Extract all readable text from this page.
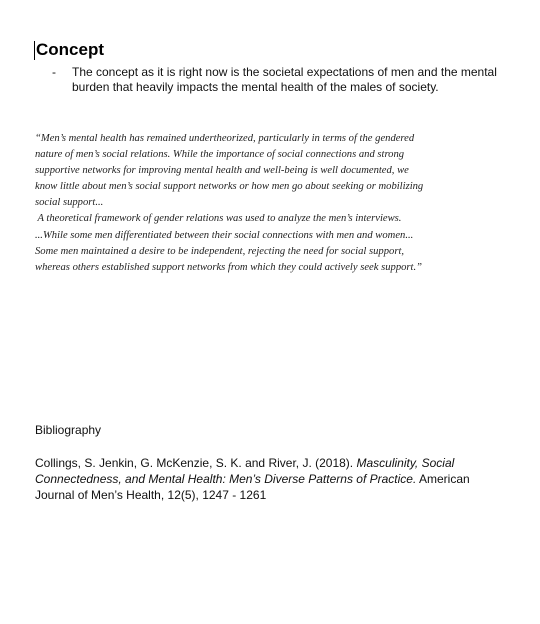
Concept
-	The concept as it is right now is the societal expectations of men and the mental burden that heavily impacts the mental health of the males of society.
“Men’s mental health has remained undertheorized, particularly in terms of the gendered
nature of men’s social relations. While the importance of social connections and strong
supportive networks for improving mental health and well-being is well documented, we
know little about men’s social support networks or how men go about seeking or mobilizing
social support...
A theoretical framework of gender relations was used to analyze the men’s interviews.
...While some men differentiated between their social connections with men and women...
Some men maintained a desire to be independent, rejecting the need for social support,
whereas others established support networks from which they could actively seek support.”
Bibliography
Collings, S. Jenkin, G. McKenzie, S. K. and River, J. (2018). Masculinity, Social
Connectedness, and Mental Health: Men’s Diverse Patterns of Practice. American
Journal of Men’s Health, 12(5), 1247 - 1261
